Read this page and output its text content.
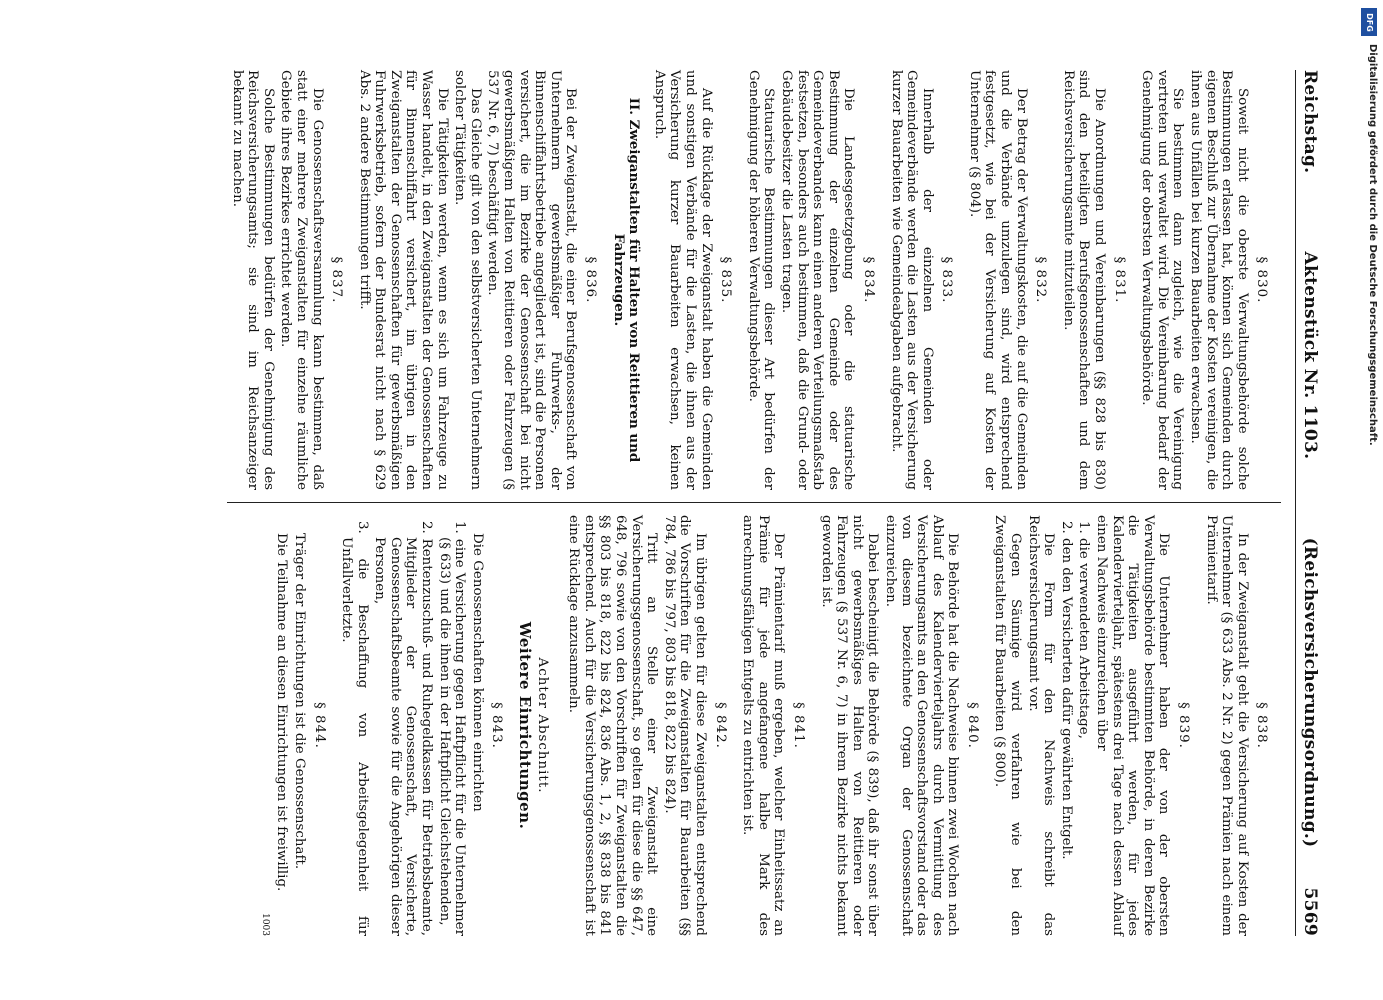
Reichstag.
Aktenstück Nr. 1103.
(Reichsversicherungsordnung.)
5569
§ 830.

Soweit nicht die oberste Verwaltungsbehörde solche Bestimmungen erlassen hat, können sich Gemeinden durch eigenen Beschluß zur Übernahme der Kosten vereinigen, die ihnen aus Unfällen bei kurzen Bauarbeiten erwachsen.

Sie bestimmen dann zugleich, wie die Vereinigung vertreten und verwaltet wird. Die Vereinbarung bedarf der Genehmigung der obersten Verwaltungsbehörde.

§ 831.

Die Anordnungen und Vereinbarungen (§§ 828 bis 830) sind den beteiligten Berufsgenossenschaften und dem Reichsversicherungsamte mitzuteilen.

§ 832.

Der Betrag der Verwaltungskosten, die auf die Gemeinden und die Verbände umzulegen sind, wird entsprechend festgesetzt, wie bei der Versicherung auf Kosten der Unternehmer (§ 804).

§ 833.

Innerhalb der einzelnen Gemeinden oder Gemeindeverbände werden die Lasten aus der Versicherung kurzer Bauarbeiten wie Gemeindeabgaben aufgebracht.

§ 834.

Die Landesgesetzgebung oder die statuarische Bestimmung der einzelnen Gemeinde oder des Gemeindeverbandes kann einen anderen Verteilungsmaßstab festsetzen, besonders auch bestimmen, daß die Grund- oder Gebäudebesitzer die Lasten tragen.

Statuarische Bestimmungen dieser Art bedürfen der Genehmigung der höheren Verwaltungsbehörde.

§ 835.

Auf die Rücklage der Zweiganstalt haben die Gemeinden und sonstigen Verbände für die Lasten, die ihnen aus der Versicherung kurzer Bauarbeiten erwachsen, keinen Anspruch.

II. Zweiganstalten für Halten von Reittieren und Fahrzeugen.
§ 836.

Bei der Zweiganstalt, die einer Berufsgenossenschaft von Unternehmern gewerbsmäßiger Fuhrwerks-, der Binnenschiffahrtsbetriebe angegliedert ist, sind die Personen versichert, die im Bezirke der Genossenschaft bei nicht gewerbsmäßigem Halten von Reittieren oder Fahrzeugen (§ 537 Nr. 6, 7) beschäftigt werden.

Das Gleiche gilt von den selbstversicherten Unternehmern solcher Tätigkeiten.

Die Tätigkeiten werden, wenn es sich um Fahrzeuge zu Wasser handelt, in den Zweiganstalten der Genossenschaften für Binnenschiffahrt versichert, im übrigen in den Zweiganstalten der Genossenschaften für gewerbsmäßigen Fuhrwerksbetrieb, sofern der Bundesrat nicht nach § 629 Abs. 2 andere Bestimmungen trifft.

§ 837.

Die Genossenschaftsversammlung kann bestimmen, daß statt einer mehrere Zweiganstalten für einzelne räumliche Gebiete ihres Bezirkes errichtet werden.

Solche Bestimmungen bedürfen der Genehmigung des Reichsversicherungsamts; sie sind im Reichsanzeiger bekannt zu machen.

§ 838.

In der Zweiganstalt geht die Versicherung auf Kosten der Unternehmer (§ 633 Abs. 2 Nr. 2) gegen Prämien nach einem Prämientarif.

§ 839.

Die Unternehmer haben der von der obersten Verwaltungsbehörde bestimmten Behörde, in deren Bezirke die Tätigkeiten ausgeführt werden, für jedes Kalendervierteljahr, spätestens drei Tage nach dessen Ablauf einen Nachweis einzureichen über

1. die verwendeten Arbeitstage,
2. den den Versicherten dafür gewährten Entgelt.

Die Form für den Nachweis schreibt das Reichsversicherungsamt vor.

Gegen Säumige wird verfahren wie bei den Zweiganstalten für Bauarbeiten (§ 800).

§ 840.

Die Behörde hat die Nachweise binnen zwei Wochen nach Ablauf des Kalendervierteljahrs durch Vermittlung des Versicherungsamts an den Genossenschaftsvorstand oder das von diesem bezeichnete Organ der Genossenschaft einzureichen.

Dabei bescheinigt die Behörde (§ 839), daß ihr sonst über nicht gewerbsmäßiges Halten von Reittieren oder Fahrzeugen (§ 537 Nr. 6, 7) in ihrem Bezirke nichts bekannt geworden ist.

§ 841.

Der Prämientarif muß ergeben, welcher Einheitssatz an Prämie für jede angefangene halbe Mark des anrechnungsfähigen Entgelts zu entrichten ist.

§ 842.

Im übrigen gelten für diese Zweiganstalten entsprechend die Vorschriften für die Zweiganstalten für Bauarbeiten (§§ 784, 786 bis 797, 803 bis 818, 822 bis 824).

Tritt an Stelle einer Zweiganstalt eine Versicherungsgenossenschaft, so gelten für diese die §§ 647, 648, 796 sowie von den Vorschriften für Zweiganstalten die §§ 803 bis 818, 822 bis 824, 836 Abs. 1, 2, §§ 838 bis 841 entsprechend. Auch für die Versicherungsgenossenschaft ist eine Rücklage anzusammeln.

Achter Abschnitt.
Weitere Einrichtungen.
§ 843.

Die Genossenschaften können einrichten

1. eine Versicherung gegen Haftpflicht für die Unternehmer (§ 633) und die ihnen in der Haftpflicht Gleichstehenden,
2. Rentenzuschuß- und Ruhegeldkassen für Betriebsbeamte, Mitglieder der Genossenschaft, Versicherte, Genossenschaftsbeamte sowie für die Angehörigen dieser Personen,
3. die Beschaffung von Arbeitsgelegenheit für Unfallverletzte.
§ 844.

Träger der Einrichtungen ist die Genossenschaft.

Die Teilnahme an diesen Einrichtungen ist freiwillig.

1003
DFG
Digitalisierung gefördert durch die Deutsche Forschungsgemeinschaft.
